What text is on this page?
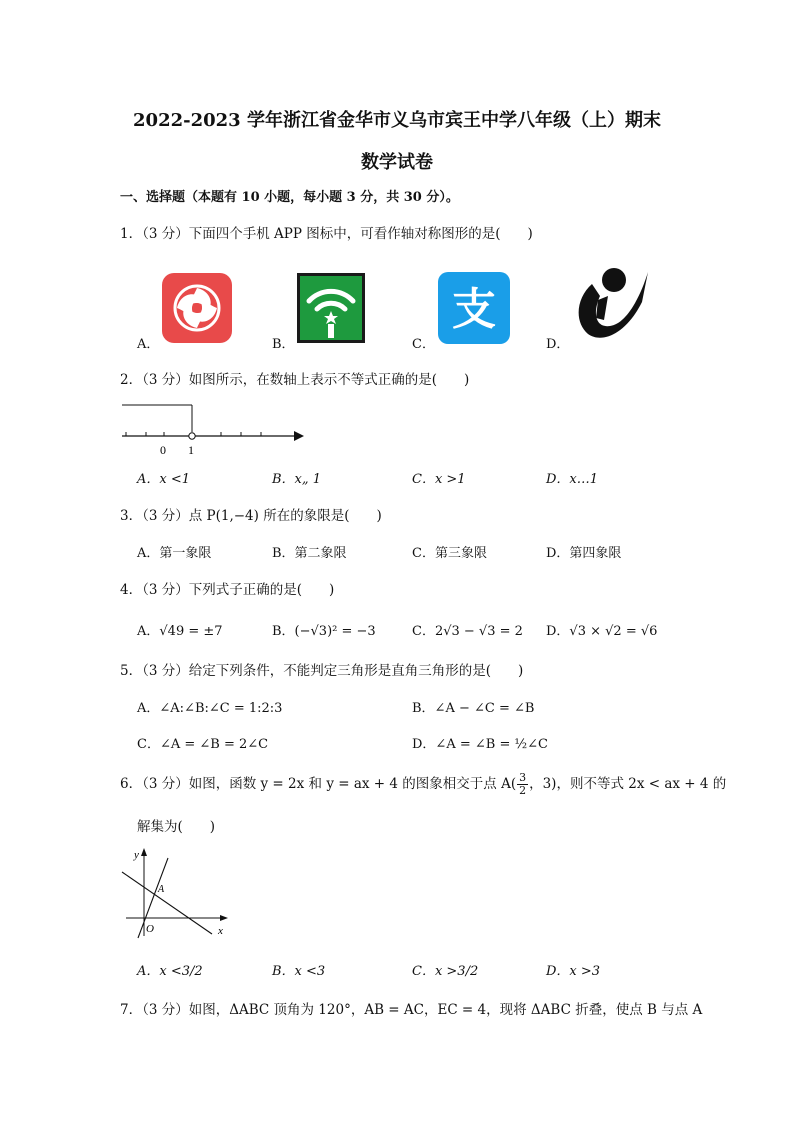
2022-2023 学年浙江省金华市义乌市宾王中学八年级（上）期末
数学试卷
一、选择题（本题有 10 小题，每小题 3 分，共 30 分）。
1．（3 分）下面四个手机 APP 图标中，可看作轴对称图形的是(　　)
A．	B．	C．
支
D．
2．（3 分）如图所示，在数轴上表示不等式正确的是(　　)
0 1
A．x <1	B．x„ 1	C．x >1	D．x…1
3．（3 分）点 P(1,−4) 所在的象限是(　　)
A．第一象限	B．第二象限	C．第三象限	D．第四象限
4．（3 分）下列式子正确的是(　　)
A．√49 = ±7	B．(−√3)² = −3	C．2√3 − √3 = 2 D．√3 × √2 = √6
5．（3 分）给定下列条件，不能判定三角形是直角三角形的是(　　)
A．∠A:∠B:∠C = 1:2:3	B．∠A − ∠C = ∠B
C．∠A = ∠B = 2∠C	D．∠A = ∠B = ½∠C
6．（3 分）如图，函数 y = 2x 和 y = ax + 4 的图象相交于点 $A( \frac{3}{2}$ ，3)，则不等式 2x < ax + 4 的
解集为(　　)
y
x
O
A
A．x <3/2	B．x <3	C．x >3/2	D．x >3
7．（3 分）如图，ΔABC 顶角为 120°，AB = AC，EC = 4，现将 ΔABC 折叠，使点 B 与点 A
